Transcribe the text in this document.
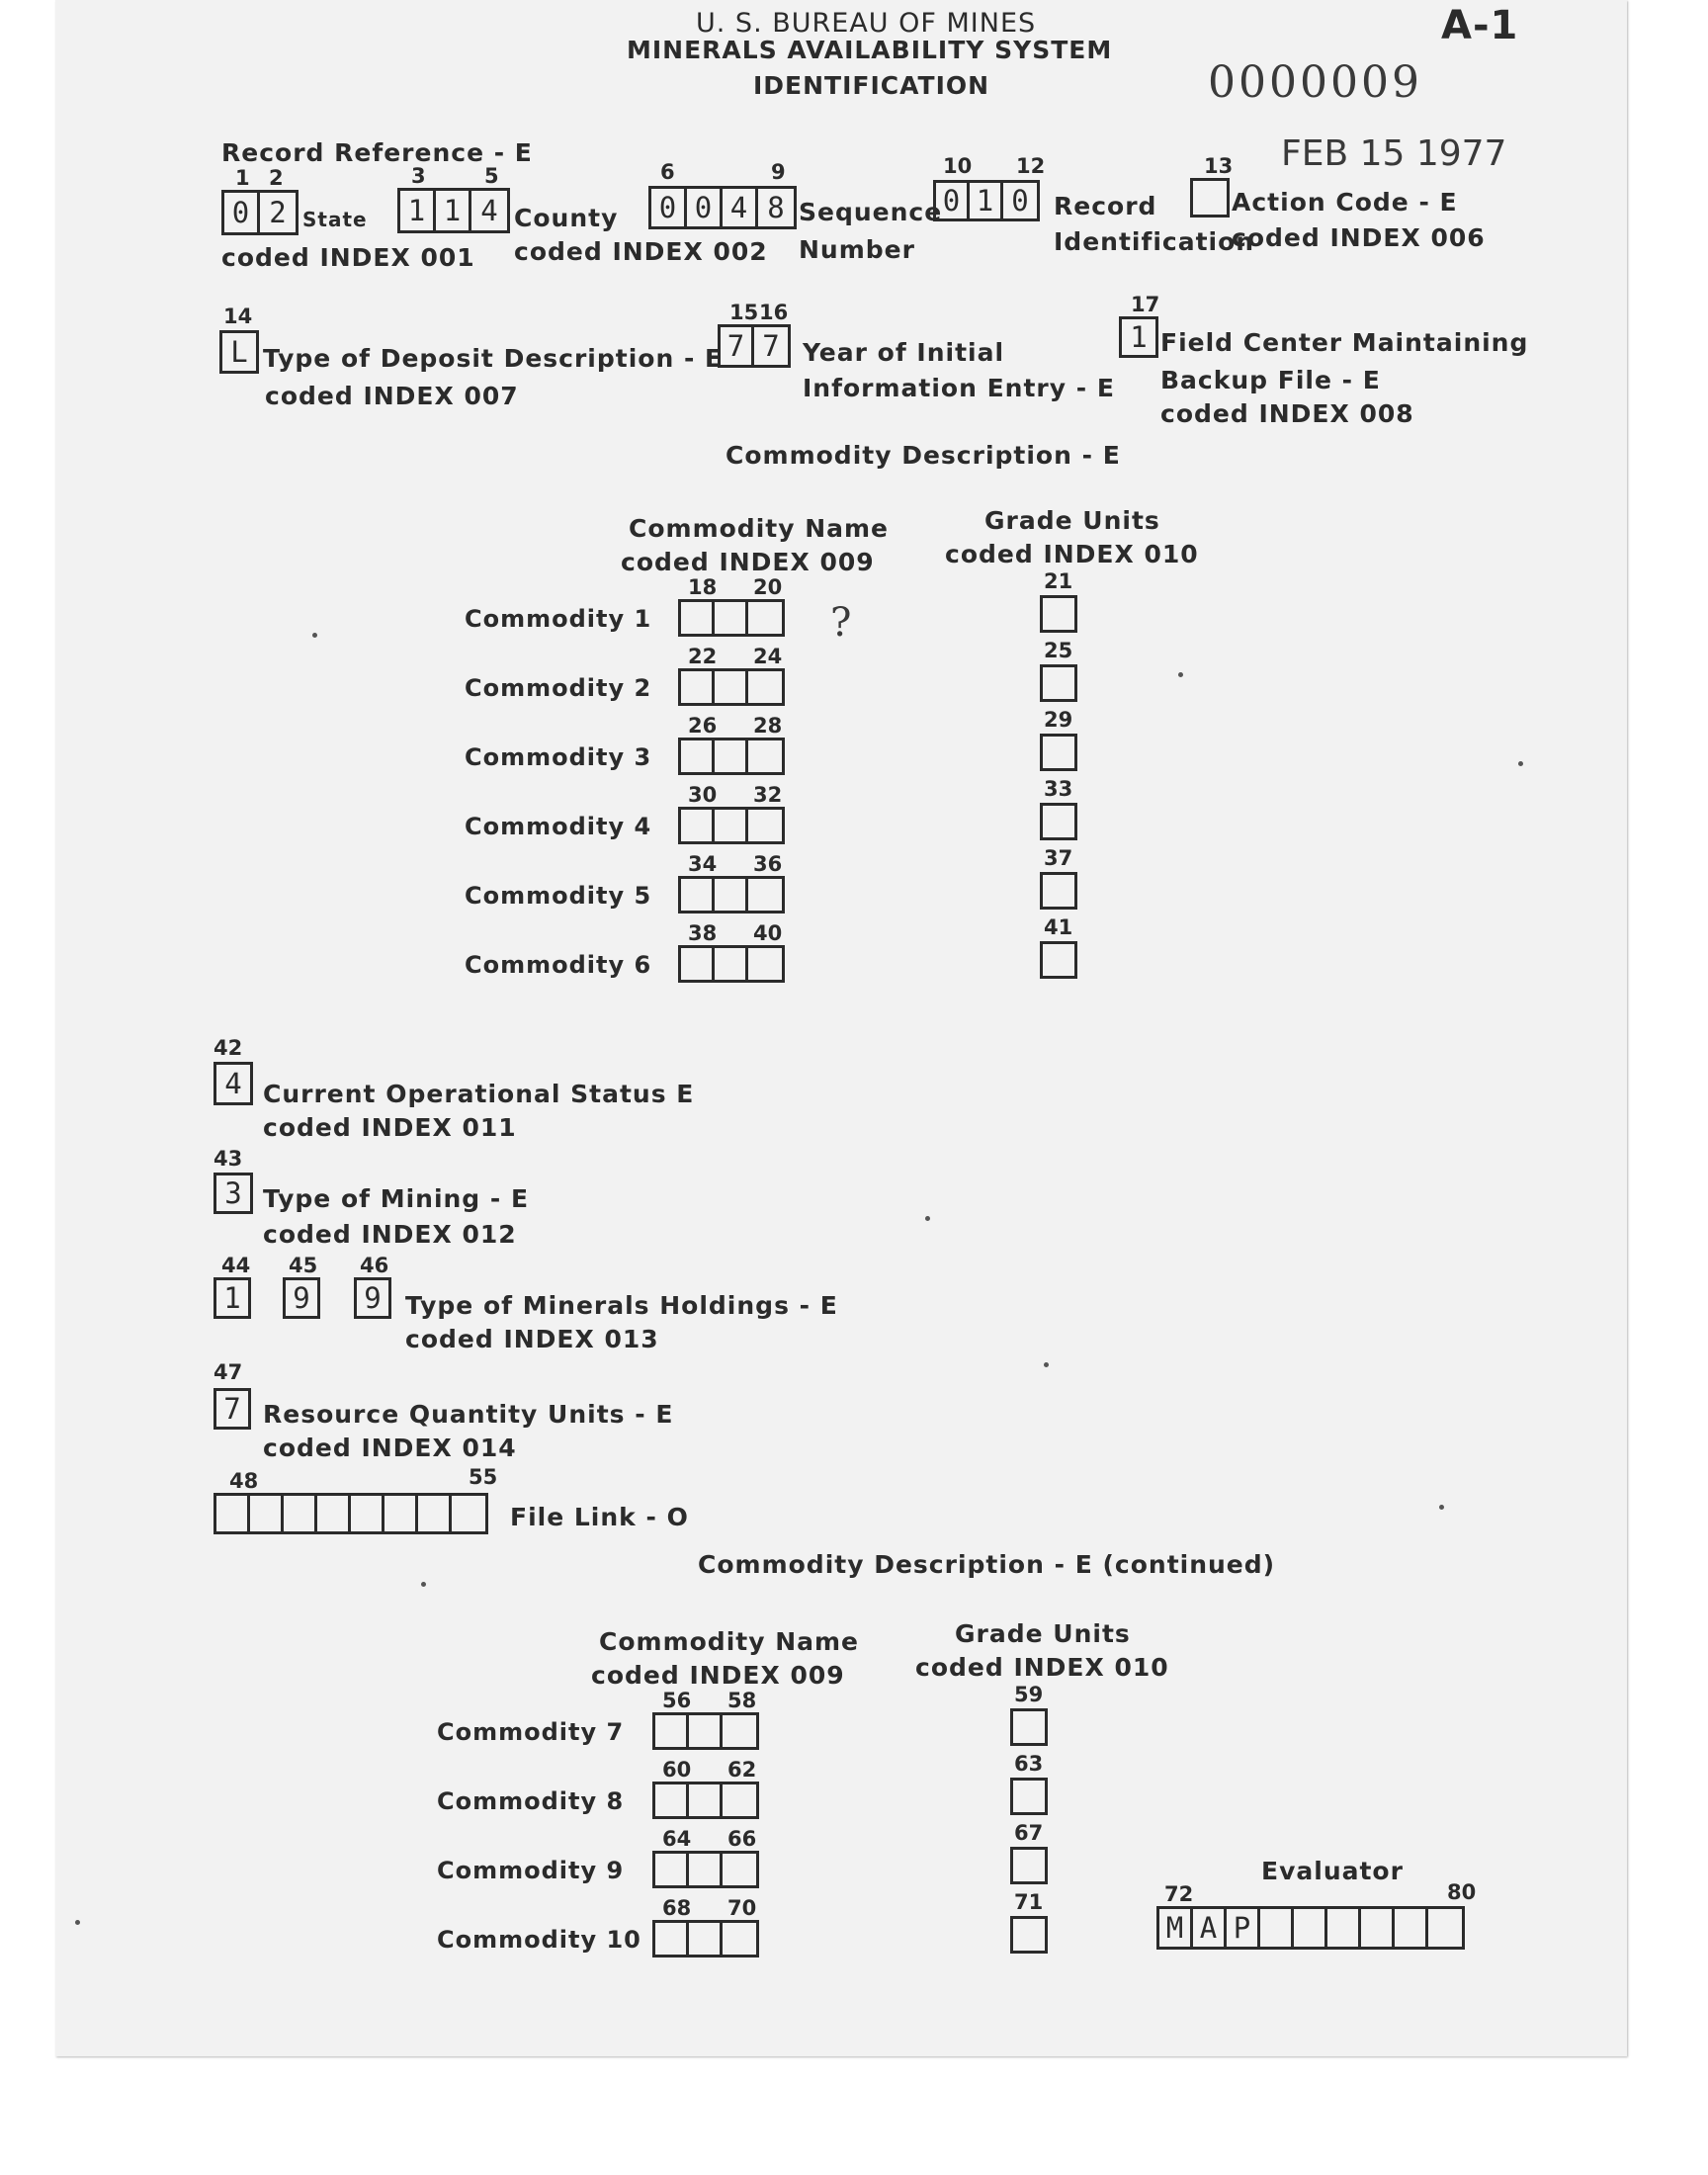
U. S. BUREAU OF MINES
MINERALS AVAILABILITY SYSTEM
IDENTIFICATION
A-1
0000009
FEB 15 1977
Record Reference - E
1 2
0 2 State
coded INDEX 001
3	5
1 1 4 County
coded INDEX 002
6	9
0 0 4 8 Sequence
Number
10 12
0 1 0	Record
Identification
coded INDEX 006
13
Action Code - E
14
L Type of Deposit Description - E
coded INDEX 007
15 16
7 7 Year of Initial
Information Entry - E
17
1 Field Center Maintaining
Backup File - E
coded INDEX 008
Commodity Description - E
Commodity Name
coded INDEX 009
Grade Units
coded INDEX 010
?
Commodity 1
18 20	21
Commodity 2
22 24	25
Commodity 3
26 28	29
Commodity 4
30 32	33
Commodity 5
34 36	37
Commodity 6
38 40	41
42
4 Current Operational Status E
coded INDEX 011
43
3 Type of Mining - E
coded INDEX 012
44 45 46
1 9 9 Type of Minerals Holdings - E
coded INDEX 013
47
7 Resource Quantity Units - E
coded INDEX 014
48	55
File Link - O
Commodity Description - E (continued)
Commodity Name
coded INDEX 009
Grade Units
coded INDEX 010
Commodity 7
56 58	59
Commodity 8
60 62	63
Commodity 9
64 66	67
Commodity 10
68 70	71
Evaluator
72	80
M A P
